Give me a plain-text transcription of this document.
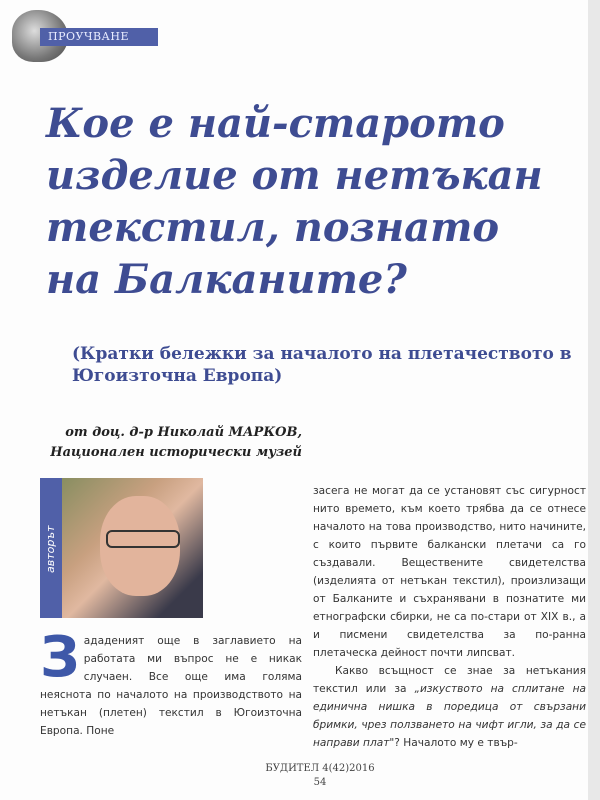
ПРОУЧВАНЕ
Кое е най-старото изделие от нетъкан текстил, познато на Балканите?
(Кратки бележки за началото на плетачеството в Югоизточна Европа)
от доц. д-р Николай МАРКОВ,
Национален исторически музей
авторът
Зададеният още в заглавието на работата ми въпрос не е никак случаен. Все още има голяма неяснота по началото на производството на нетъкан (плетен) текстил в Югоизточна Европа. Поне
засега не могат да се установят със сигурност нито времето, към което трябва да се отнесе началото на това производство, нито начините, с които първите балкански плетачи са го създавали. Веществените свидетелства (изделията от нетъкан текстил), произлизащи от Балканите и съхранявани в познатите ми етнографски сбирки, не са по-стари от XIX в., а и писмени свидетелства за по-ранна плетаческа дейност почти липсват.
Какво всъщност се знае за нетъкания текстил или за „изкуството на сплитане на единична нишка в поредица от свързани бримки, чрез ползването на чифт игли, за да се направи плат"? Началото му е твър-
БУДИТЕЛ 4(42)2016
54
